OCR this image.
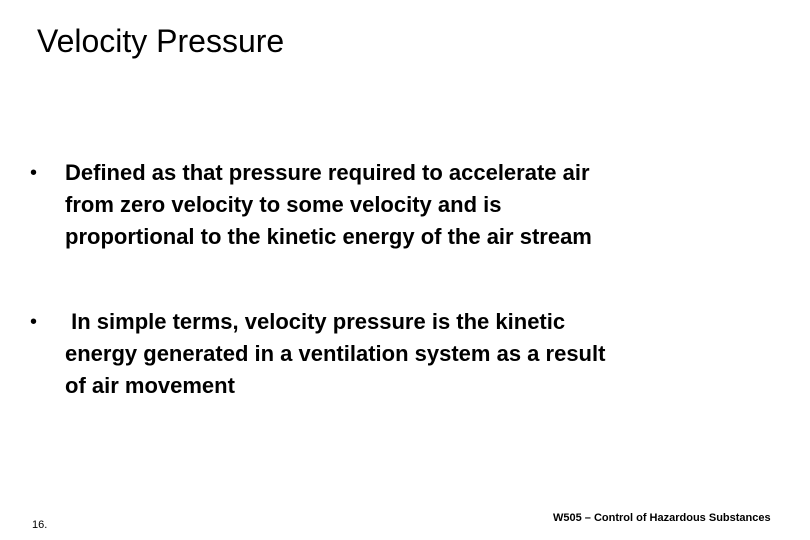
Velocity Pressure
•	Defined as that pressure required to accelerate air
from zero velocity to some velocity and is
proportional to the kinetic energy of the air stream
•	In simple terms, velocity pressure is the kinetic
energy generated in a ventilation system as a result
of air movement
16.
W505 – Control of Hazardous Substances
